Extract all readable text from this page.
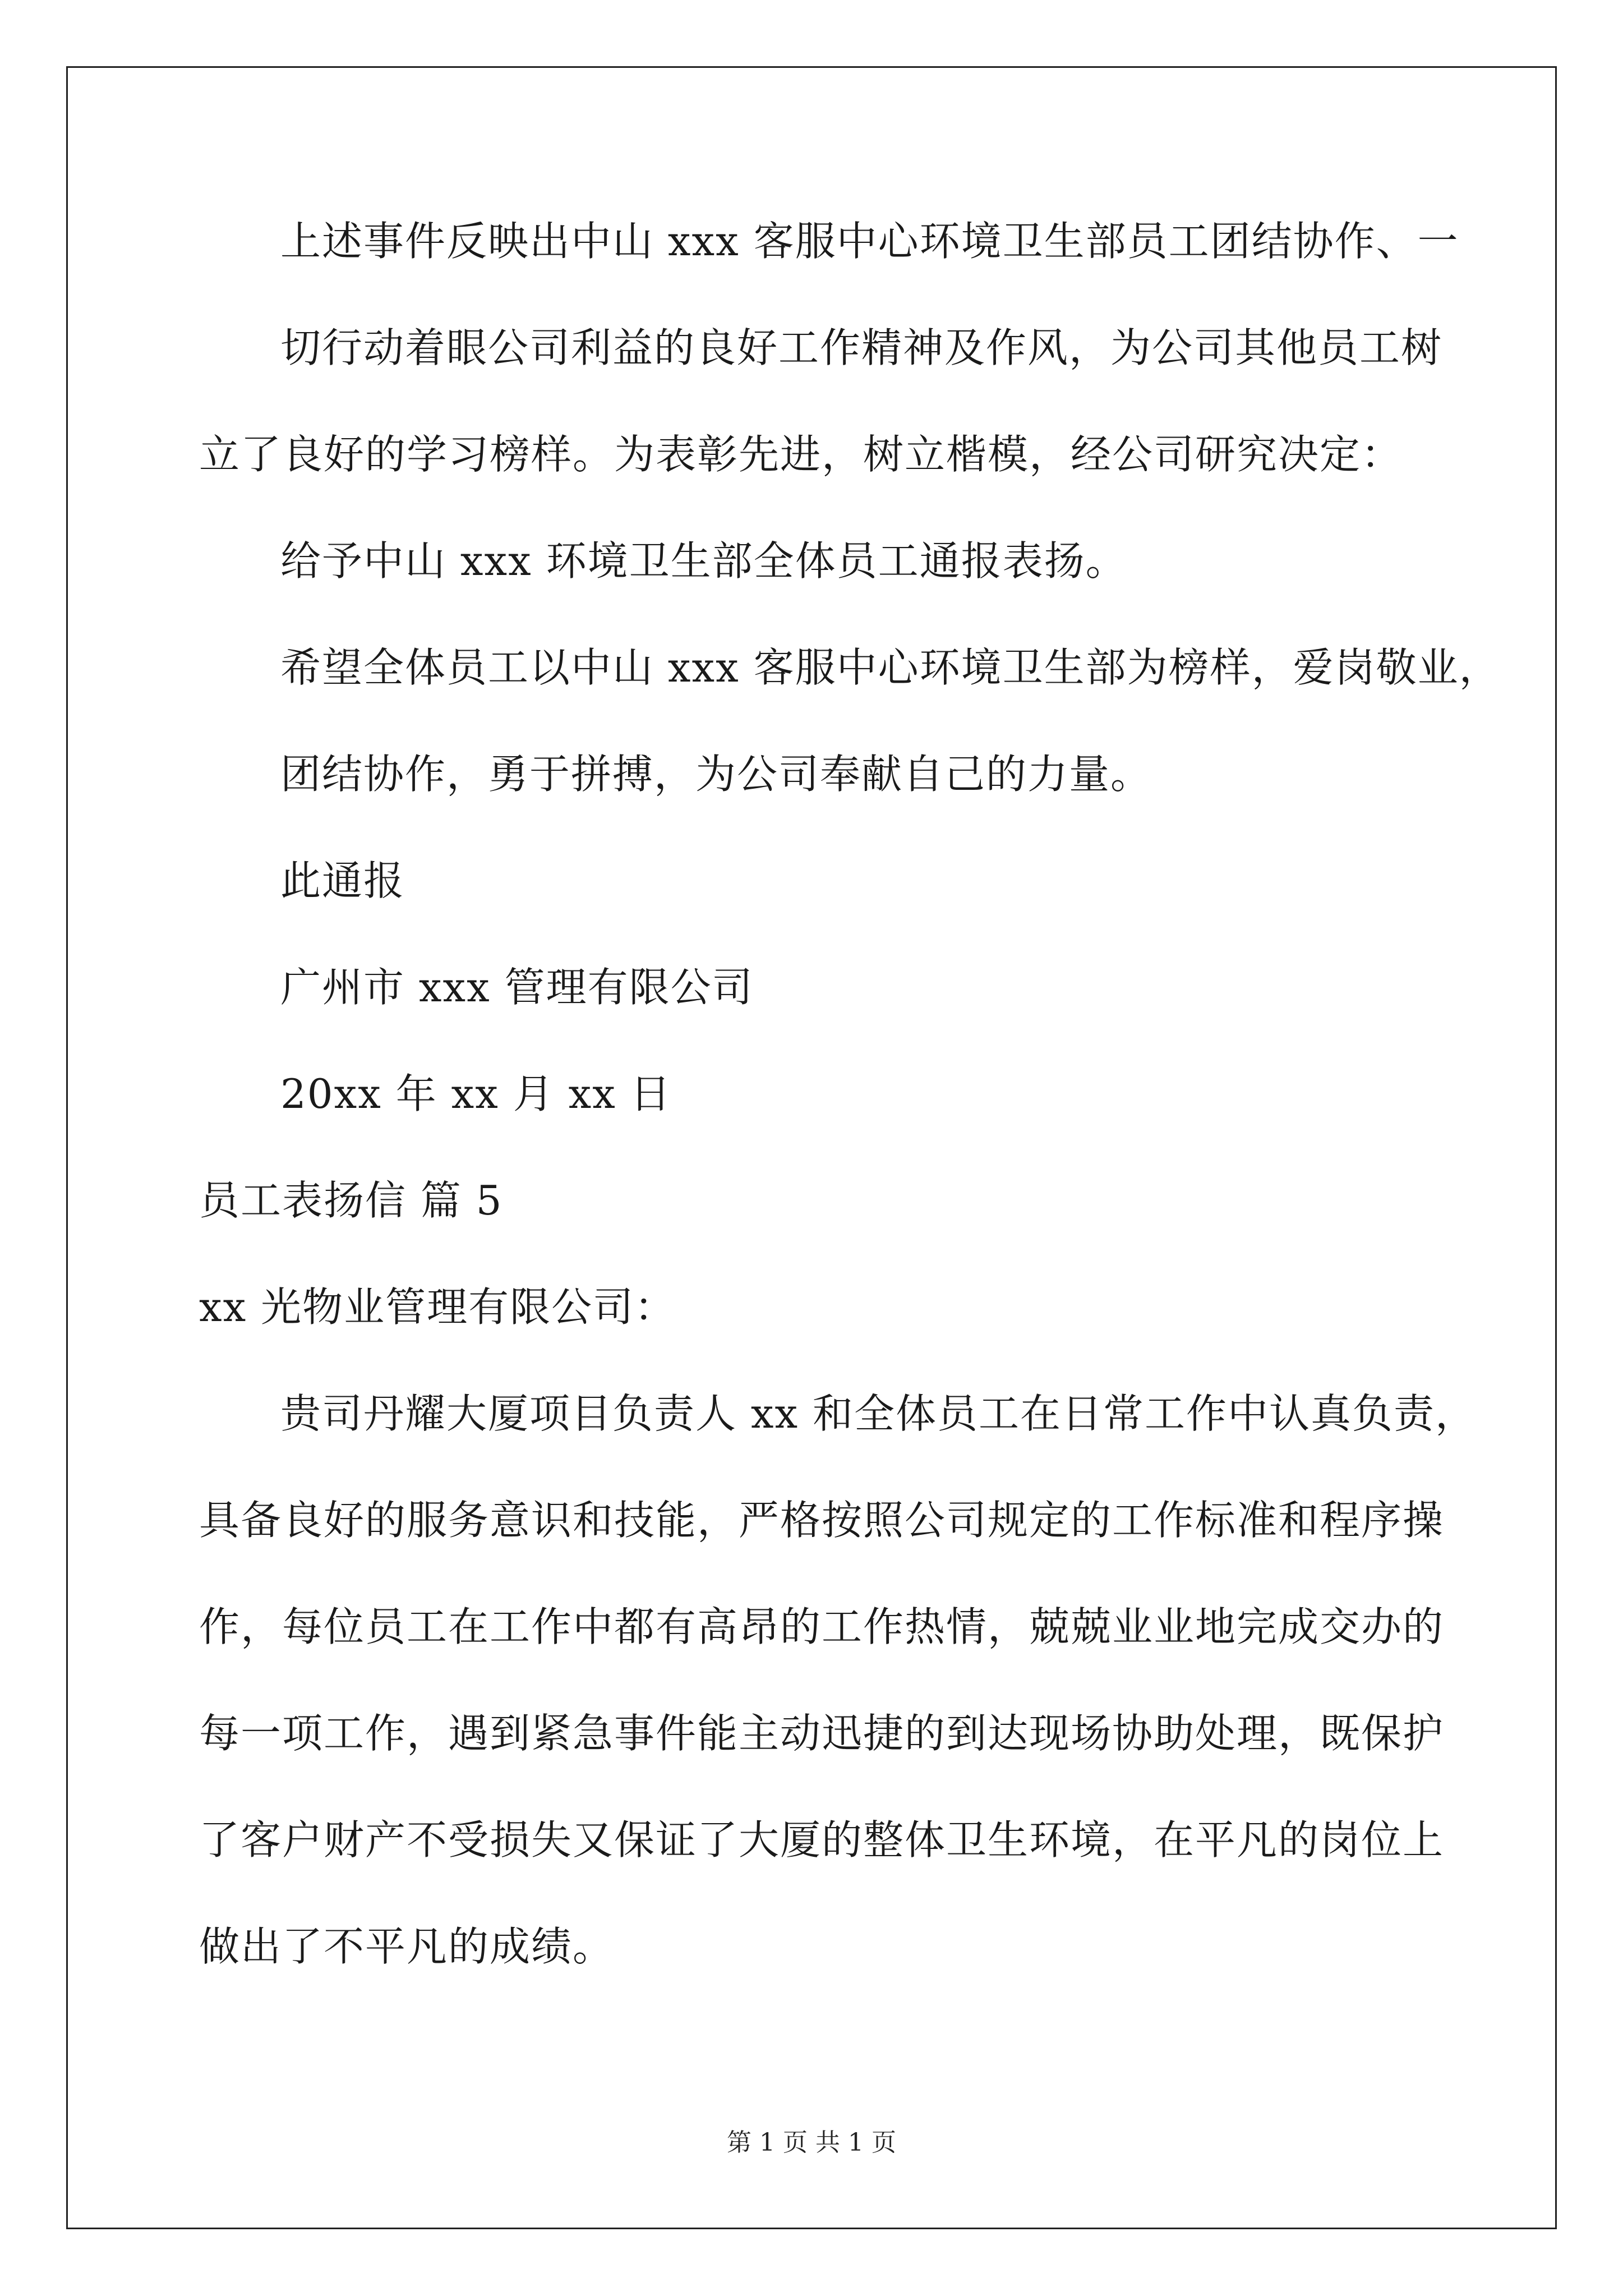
上述事件反映出中山 xxx 客服中心环境卫生部员工团结协作、一
切行动着眼公司利益的良好工作精神及作风，为公司其他员工树
立了良好的学习榜样。为表彰先进，树立楷模，经公司研究决定：
给予中山 xxx 环境卫生部全体员工通报表扬。
希望全体员工以中山 xxx 客服中心环境卫生部为榜样，爱岗敬业，
团结协作，勇于拼搏，为公司奉献自己的力量。
此通报
广州市 xxx 管理有限公司
20xx 年 xx 月 xx 日
员工表扬信 篇 5
xx 光物业管理有限公司：
贵司丹耀大厦项目负责人 xx 和全体员工在日常工作中认真负责，
具备良好的服务意识和技能，严格按照公司规定的工作标准和程序操
作，每位员工在工作中都有高昂的工作热情，兢兢业业地完成交办的
每一项工作，遇到紧急事件能主动迅捷的到达现场协助处理，既保护
了客户财产不受损失又保证了大厦的整体卫生环境，在平凡的岗位上
做出了不平凡的成绩。
第 1 页 共 1 页
